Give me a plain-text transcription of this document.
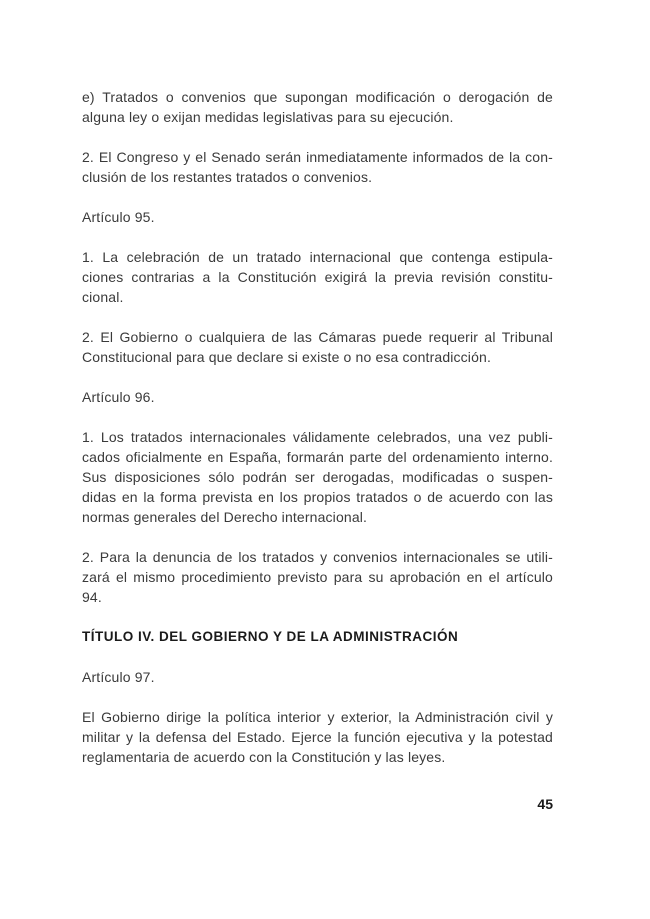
e) Tratados o convenios que supongan modificación o derogación de
alguna ley o exijan medidas legislativas para su ejecución.
2. El Congreso y el Senado serán inmediatamente informados de la con-
clusión de los restantes tratados o convenios.
Artículo 95.
1. La celebración de un tratado internacional que contenga estipula-
ciones contrarias a la Constitución exigirá la previa revisión constitu-
cional.
2. El Gobierno o cualquiera de las Cámaras puede requerir al Tribunal
Constitucional para que declare si existe o no esa contradicción.
Artículo 96.
1. Los tratados internacionales válidamente celebrados, una vez publi-
cados oficialmente en España, formarán parte del ordenamiento interno.
Sus disposiciones sólo podrán ser derogadas, modificadas o suspen-
didas en la forma prevista en los propios tratados o de acuerdo con las
normas generales del Derecho internacional.
2. Para la denuncia de los tratados y convenios internacionales se utili-
zará el mismo procedimiento previsto para su aprobación en el artículo
94.
TÍTULO IV. DEL GOBIERNO Y DE LA ADMINISTRACIÓN
Artículo 97.
El Gobierno dirige la política interior y exterior, la Administración civil y
militar y la defensa del Estado. Ejerce la función ejecutiva y la potestad
reglamentaria de acuerdo con la Constitución y las leyes.
45
